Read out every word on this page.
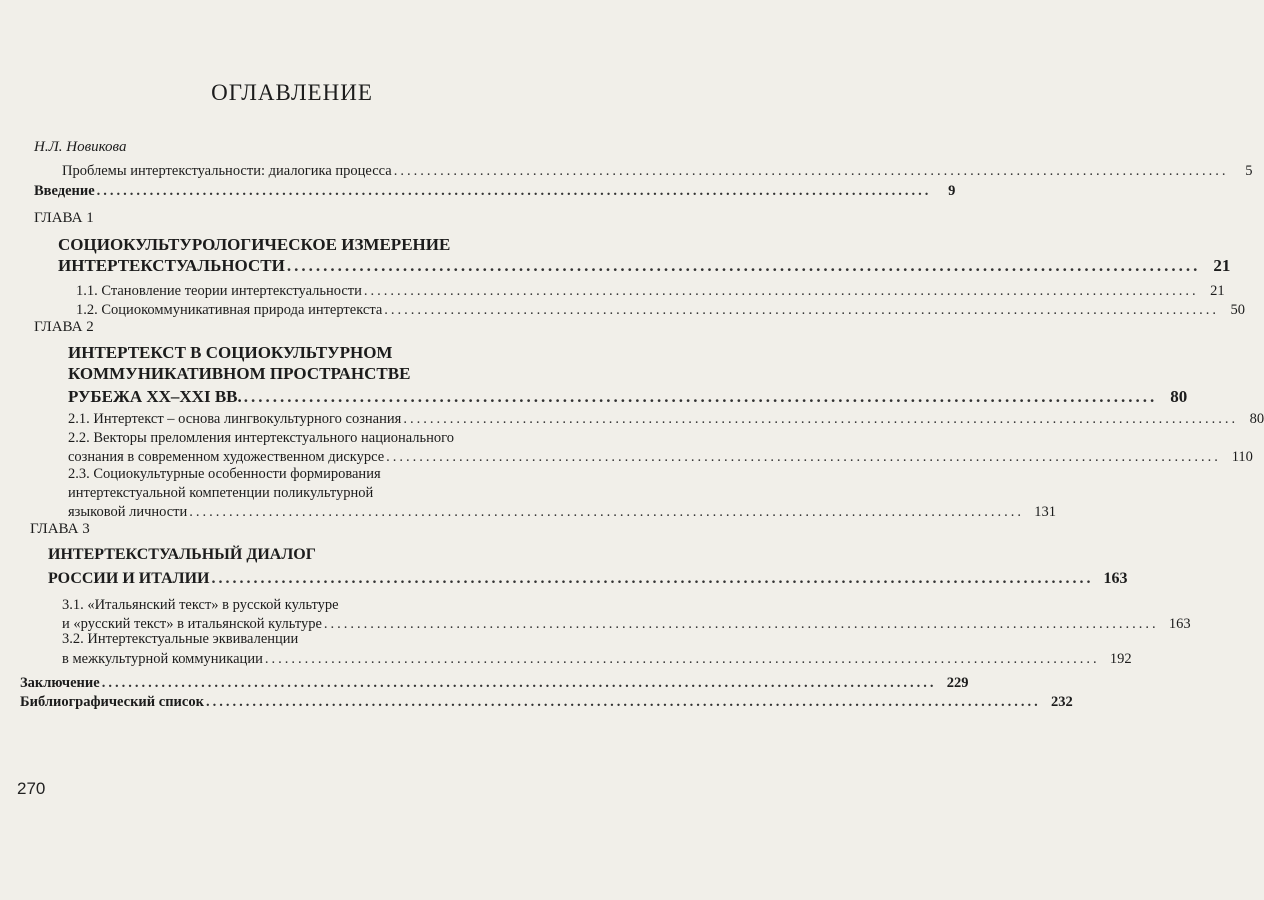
ОГЛАВЛЕНИЕ
Н.Л. Новикова
Проблемы интертекстуальности: диалогика процесса ..............................................................................................................................	5
Введение ..............................................................................................................................	9
ГЛАВА 1
СОЦИОКУЛЬТУРОЛОГИЧЕСКОЕ ИЗМЕРЕНИЕ
ИНТЕРТЕКСТУАЛЬНОСТИ .............................................................................................................................. 21
1.1. Становление теории интертекстуальности .............................................................................................................................. 21
1.2. Социокоммуникативная природа интертекста .............................................................................................................................. 50
ГЛАВА 2
ИНТЕРТЕКСТ В СОЦИОКУЛЬТУРНОМ
КОММУНИКАТИВНОМ ПРОСТРАНСТВЕ
РУБЕЖА XX–XXI ВВ. .............................................................................................................................. 80
2.1. Интертекст – основа лингвокультурного сознания .............................................................................................................................. 80
2.2. Векторы преломления интертекстуального национального
сознания в современном художественном дискурсе .............................................................................................................................. 110
2.3. Социокультурные особенности формирования
интертекстуальной компетенции поликультурной
языковой личности .............................................................................................................................. 131
ГЛАВА 3
ИНТЕРТЕКСТУАЛЬНЫЙ ДИАЛОГ
РОССИИ И ИТАЛИИ .............................................................................................................................. 163
3.1. «Итальянский текст» в русской культуре
и «русский текст» в итальянской культуре .............................................................................................................................. 163
3.2. Интертекстуальные эквиваленции
в межкультурной коммуникации .............................................................................................................................. 192
Заключение .............................................................................................................................. 229
Библиографический список .............................................................................................................................. 232
270
